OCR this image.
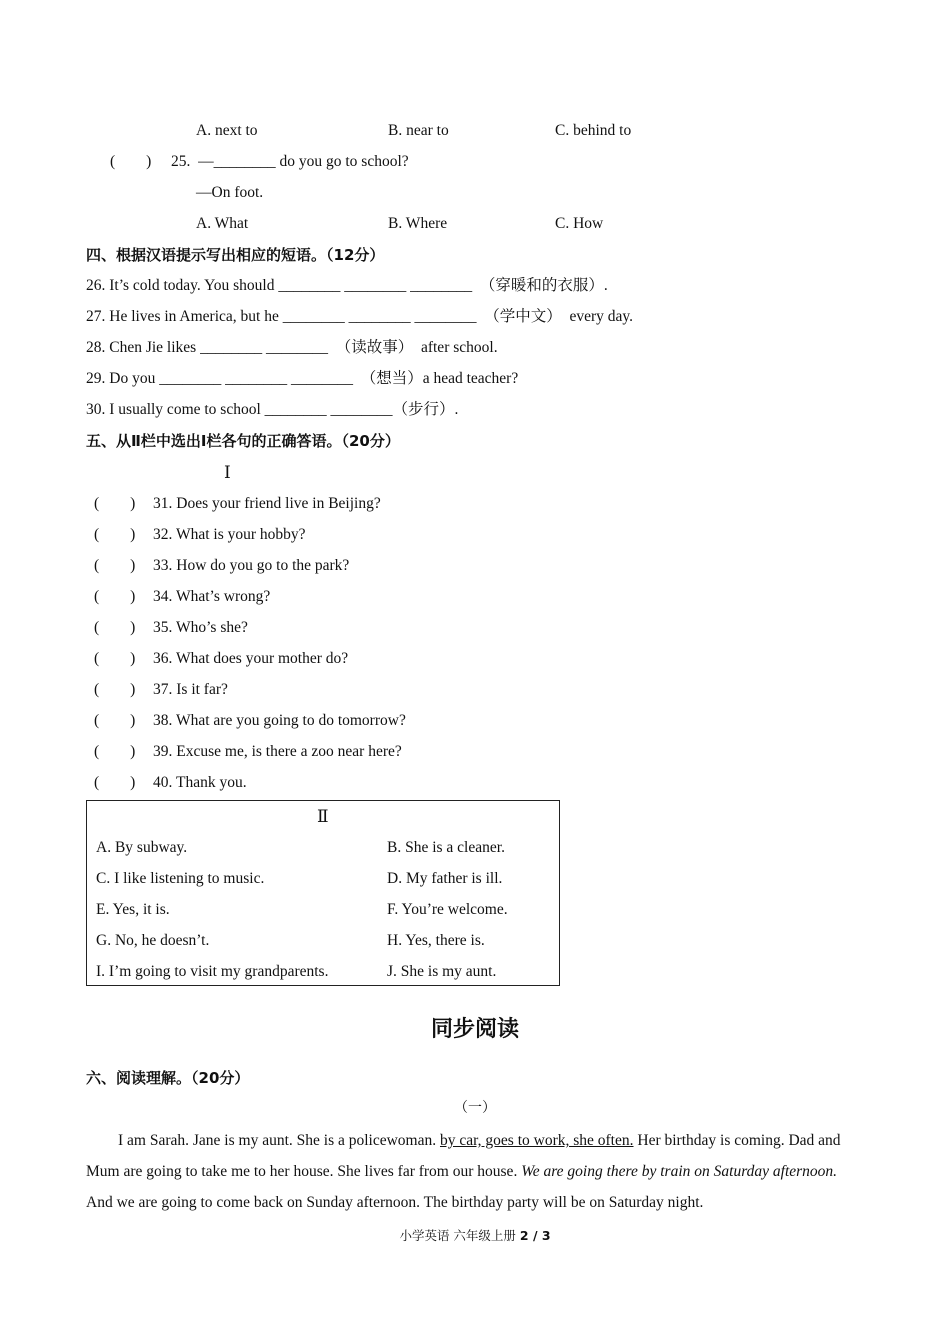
A. next to	B. near to	C. behind to
(        ) 25.  —________ do you go to school?
—On foot.
A. What	B. Where	C. How
四、根据汉语提示写出相应的短语。（12分）
26. It’s cold today. You should ________ ________ ________  （穿暖和的衣服）.
27. He lives in America, but he ________ ________ ________  （学中文）  every day.
28. Chen Jie likes ________ ________  （读故事）  after school.
29. Do you ________ ________ ________  （想当）a head teacher?
30. I usually come to school ________ ________（步行）.
五、从Ⅱ栏中选出Ⅰ栏各句的正确答语。（20分）
Ⅰ
(        ) 31. Does your friend live in Beijing?
(        ) 32. What is your hobby?
(        ) 33. How do you go to the park?
(        ) 34. What’s wrong?
(        ) 35. Who’s she?
(        ) 36. What does your mother do?
(        ) 37. Is it far?
(        ) 38. What are you going to do tomorrow?
(        ) 39. Excuse me, is there a zoo near here?
(        ) 40. Thank you.
Ⅱ
A. By subway.	B. She is a cleaner.
C. I like listening to music.	D. My father is ill.
E. Yes, it is.	F. You’re welcome.
G. No, he doesn’t.	H. Yes, there is.
I. I’m going to visit my grandparents.	J. She is my aunt.
同步阅读
六、阅读理解。（20分）
（一）
I am Sarah. Jane is my aunt. She is a policewoman. by car, goes to work, she often. Her birthday is coming. Dad and Mum are going to take me to her house. She lives far from our house. We are going there by train on Saturday afternoon. And we are going to come back on Sunday afternoon. The birthday party will be on Saturday night.
小学英语 六年级上册 2 / 3
